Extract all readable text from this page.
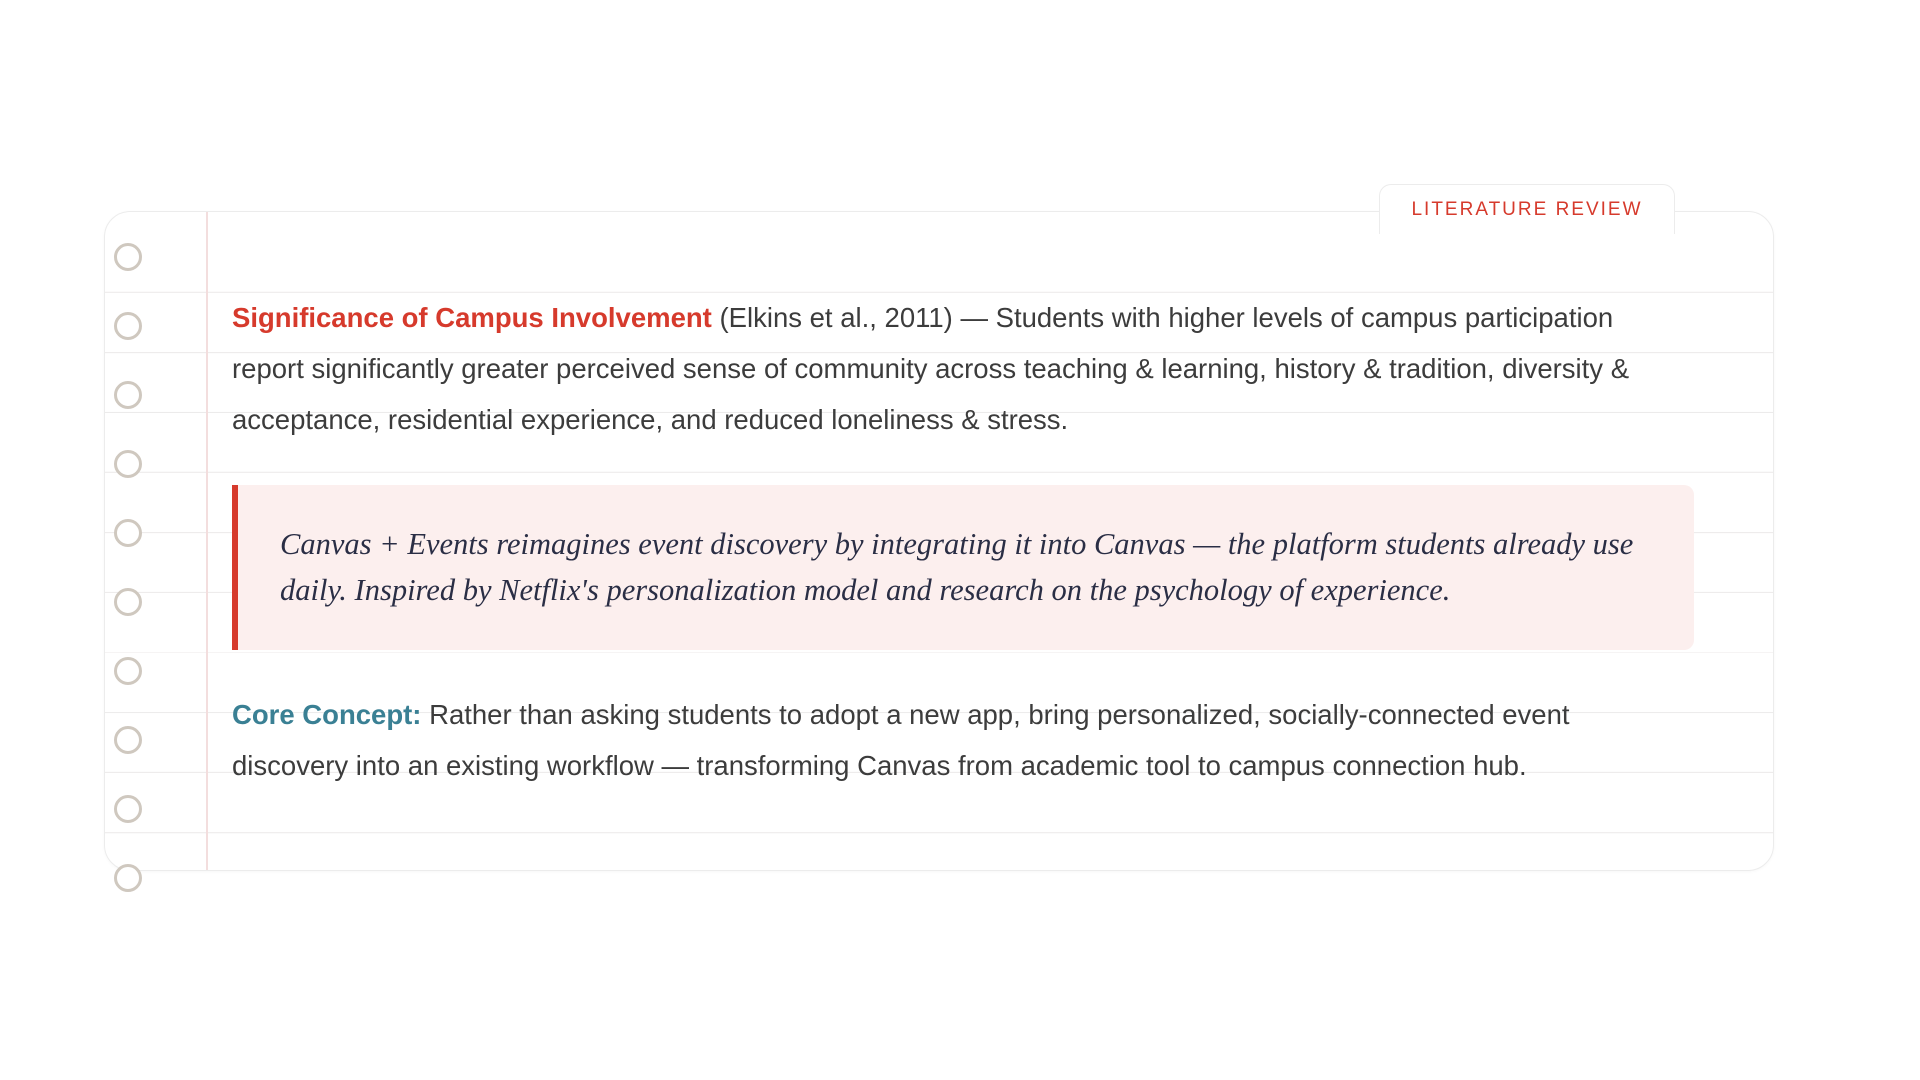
LITERATURE REVIEW

Significance of Campus Involvement (Elkins et al., 2011) — Students with higher levels of campus participation report significantly greater perceived sense of community across teaching & learning, history & tradition, diversity & acceptance, residential experience, and reduced loneliness & stress.

Canvas + Events reimagines event discovery by integrating it into Canvas — the platform students already use daily. Inspired by Netflix's personalization model and research on the psychology of experience.

Core Concept: Rather than asking students to adopt a new app, bring personalized, socially-connected event discovery into an existing workflow — transforming Canvas from academic tool to campus connection hub.
